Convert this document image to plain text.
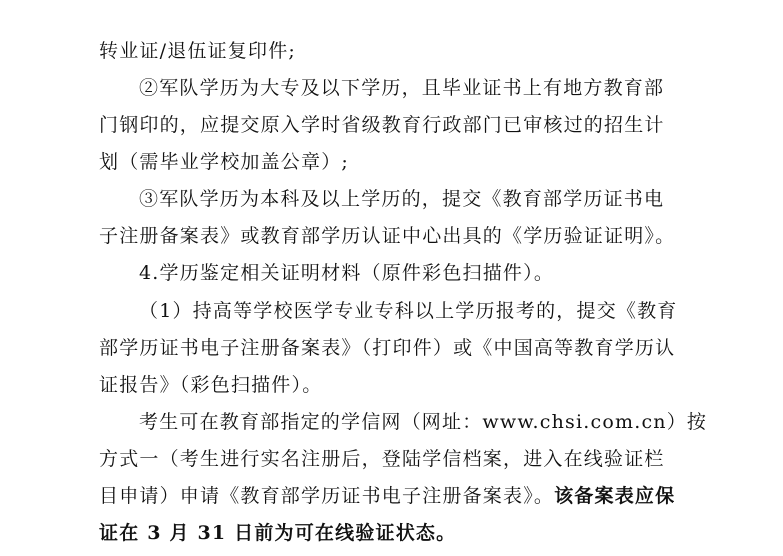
转业证/退伍证复印件;
②军队学历为大专及以下学历，且毕业证书上有地方教育部
门钢印的，应提交原入学时省级教育行政部门已审核过的招生计
划（需毕业学校加盖公章）;
③军队学历为本科及以上学历的，提交《教育部学历证书电
子注册备案表》或教育部学历认证中心出具的《学历验证证明》。
4.学历鉴定相关证明材料（原件彩色扫描件）。
（1）持高等学校医学专业专科以上学历报考的，提交《教育
部学历证书电子注册备案表》（打印件）或《中国高等教育学历认
证报告》（彩色扫描件）。
考生可在教育部指定的学信网（网址：www.chsi.com.cn）按
方式一（考生进行实名注册后，登陆学信档案，进入在线验证栏
目申请）申请《教育部学历证书电子注册备案表》。该备案表应保
证在 3 月 31 日前为可在线验证状态。
